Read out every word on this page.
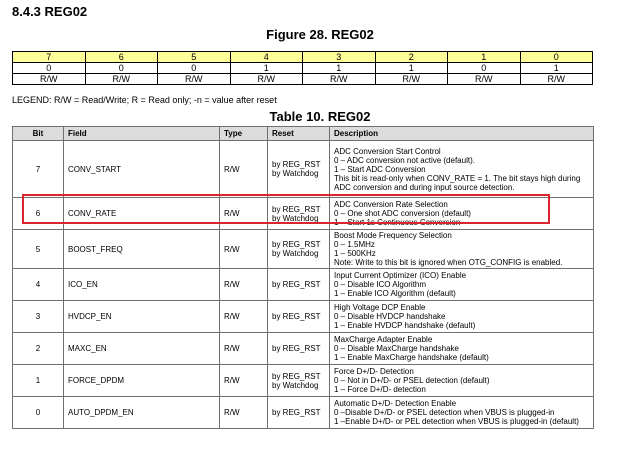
8.4.3 REG02
Figure 28. REG02
7	6	5	4	3	2	1	0
0	0	0	1	1	1	0	1
R/W	R/W	R/W	R/W	R/W	R/W	R/W	R/W
LEGEND: R/W = Read/Write; R = Read only; -n = value after reset
Table 10. REG02
Bit	Field	Type	Reset	Description
7	CONV_START	R/W	by REG_RST
by Watchdog	ADC Conversion Start Control
0 – ADC conversion not active (default).
1 – Start ADC Conversion
This bit is read-only when CONV_RATE = 1. The bit stays high during
ADC conversion and during input source detection.

6	CONV_RATE	R/W	by REG_RST
by Watchdog	ADC Conversion Rate Selection
0 – One shot ADC conversion (default)
1 – Start 1s Continuous Conversion

5	BOOST_FREQ	R/W	by REG_RST
by Watchdog	Boost Mode Frequency Selection
0 – 1.5MHz
1 – 500KHz
Note: Write to this bit is ignored when OTG_CONFIG is enabled.

4	ICO_EN	R/W	by REG_RST	Input Current Optimizer (ICO) Enable
0 – Disable ICO Algorithm
1 – Enable ICO Algorithm (default)

3	HVDCP_EN	R/W	by REG_RST	High Voltage DCP Enable
0 – Disable HVDCP handshake
1 – Enable HVDCP handshake (default)

2	MAXC_EN	R/W	by REG_RST	MaxCharge Adapter Enable
0 – Disable MaxCharge handshake
1 – Enable MaxCharge handshake (default)

1	FORCE_DPDM	R/W	by REG_RST
by Watchdog	Force D+/D- Detection
0 – Not in D+/D- or PSEL detection (default)
1 – Force D+/D- detection

0	AUTO_DPDM_EN	R/W	by REG_RST	Automatic D+/D- Detection Enable
0 –Disable D+/D- or PSEL detection when VBUS is plugged-in
1 –Enable D+/D- or PEL detection when VBUS is plugged-in (default)
